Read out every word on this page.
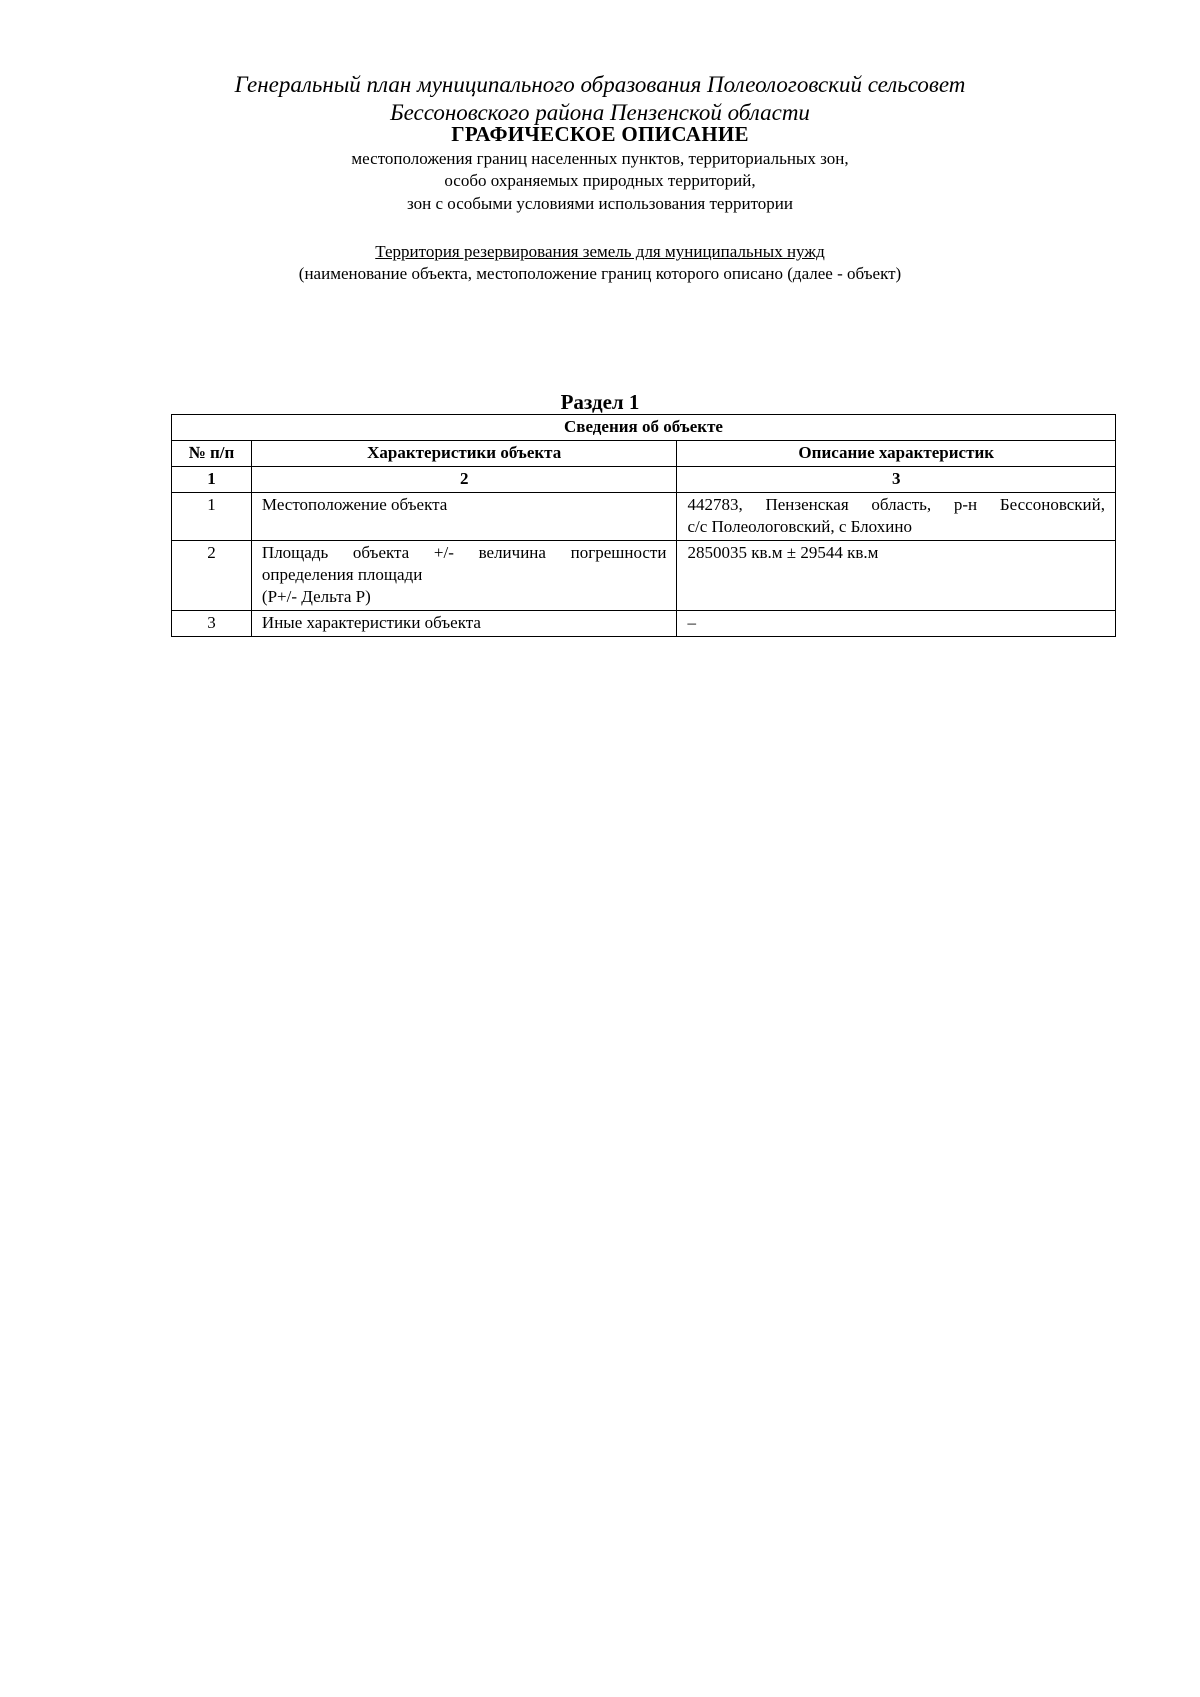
Генеральный план муниципального образования Полеологовский сельсовет
Бессоновского района Пензенской области
ГРАФИЧЕСКОЕ ОПИСАНИЕ
местоположения границ населенных пунктов, территориальных зон,
особо охраняемых природных территорий,
зон с особыми условиями использования территории
Территория резервирования земель для муниципальных нужд
(наименование объекта, местоположение границ которого описано (далее - объект)
Раздел 1
Сведения об объекте		
№ п/п	Характеристики объекта	Описание характеристик
1	2	3
1	Местоположение объекта	442783, Пензенская область, р-н Бессоновский,
с/с Полеологовский, с Блохино

2	Площадь объекта +/- величина погрешности
определения площади
(Р+/- Дельта Р)	2850035 кв.м ± 29544 кв.м

3	Иные характеристики объекта	–
